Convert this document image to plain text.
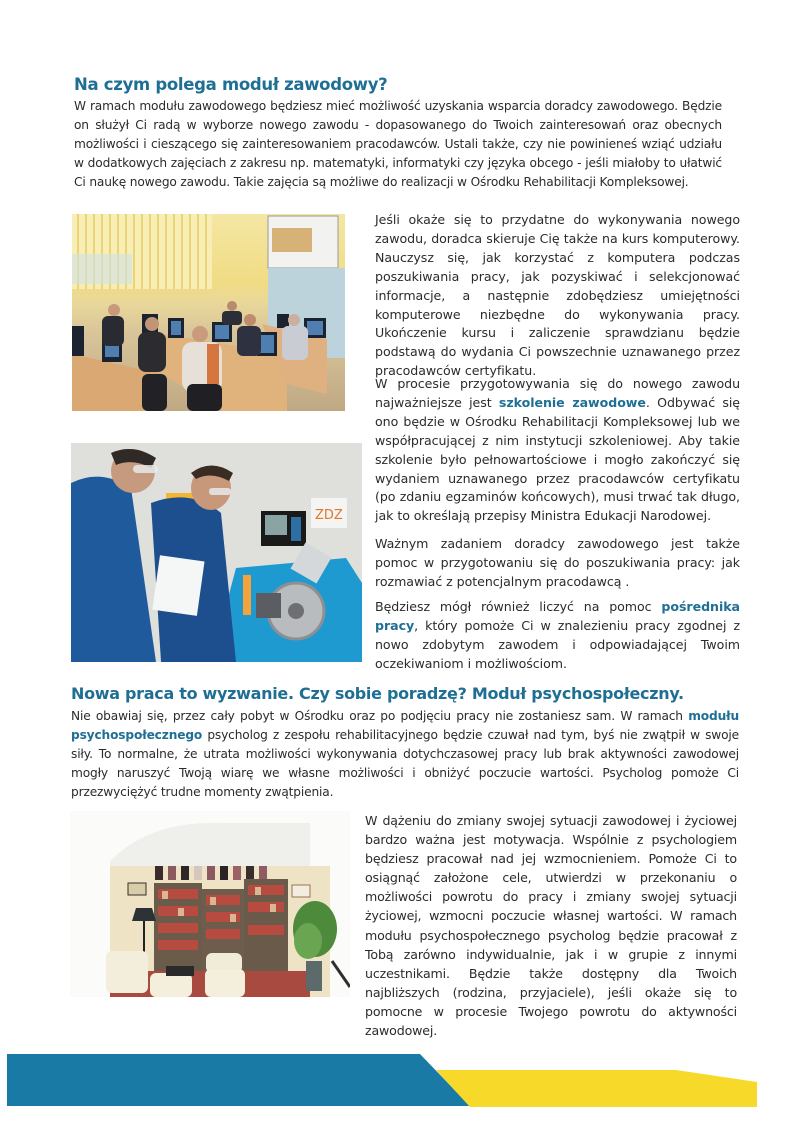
Na czym polega moduł zawodowy?

W ramach modułu zawodowego będziesz mieć możliwość uzyskania wsparcia doradcy zawodowego. Będzie on służył Ci radą w wyborze nowego zawodu - dopasowanego do Twoich zainteresowań oraz obecnych możliwości i cieszącego się zainteresowaniem pracodawców. Ustali także, czy nie powinieneś wziąć udziału w dodatkowych zajęciach z zakresu np. matematyki, informatyki czy języka obcego - jeśli miałoby to ułatwić Ci naukę nowego zawodu. Takie zajęcia są możliwe do realizacji w Ośrodku Rehabilitacji Kompleksowej.

Jeśli okaże się to przydatne do wykonywania nowego zawodu, doradca skieruje Cię także na kurs komputerowy. Nauczysz się, jak korzystać z komputera podczas poszukiwania pracy, jak pozyskiwać i selekcjonować informacje, a następnie zdobędziesz umiejętności komputerowe niezbędne do wykonywania pracy. Ukończenie kursu i zaliczenie sprawdzianu będzie podstawą do wydania Ci powszechnie uznawanego przez pracodawców certyfikatu.

ZDZ

W procesie przygotowywania się do nowego zawodu najważniejsze jest szkolenie zawodowe. Odbywać się ono będzie w Ośrodku Rehabilitacji Kompleksowej lub we współpracującej z nim instytucji szkoleniowej. Aby takie szkolenie było pełnowartościowe i mogło zakończyć się wydaniem uznawanego przez pracodawców certyfikatu (po zdaniu egzaminów końcowych), musi trwać tak długo, jak to określają przepisy Ministra Edukacji Narodowej.

Ważnym zadaniem doradcy zawodowego jest także pomoc w przygotowaniu się do poszukiwania pracy: jak rozmawiać z potencjalnym pracodawcą .

Będziesz mógł również liczyć na pomoc pośrednika pracy, który pomoże Ci w znalezieniu pracy zgodnej z nowo zdobytym zawodem i odpowiadającej Twoim oczekiwaniom i możliwościom.

Nowa praca to wyzwanie. Czy sobie poradzę? Moduł psychospołeczny.

Nie obawiaj się, przez cały pobyt w Ośrodku oraz po podjęciu pracy nie zostaniesz sam. W ramach modułu psychospołecznego psycholog z zespołu rehabilitacyjnego będzie czuwał nad tym, byś nie zwątpił w swoje siły. To normalne, że utrata możliwości wykonywania dotychczasowej pracy lub brak aktywności zawodowej mogły naruszyć Twoją wiarę we własne możliwości i obniżyć poczucie wartości. Psycholog pomoże Ci przezwyciężyć trudne momenty zwątpienia.

W dążeniu do zmiany swojej sytuacji zawodowej i życiowej bardzo ważna jest motywacja. Wspólnie z psychologiem będziesz pracował nad jej wzmocnieniem. Pomoże Ci to osiągnąć założone cele, utwierdzi w przekonaniu o możliwości powrotu do pracy i zmiany swojej sytuacji życiowej, wzmocni poczucie własnej wartości. W ramach modułu psychospołecznego psycholog będzie pracował z Tobą zarówno indywidualnie, jak i w grupie z innymi uczestnikami. Będzie także dostępny dla Twoich najbliższych (rodzina, przyjaciele), jeśli okaże się to pomocne w procesie Twojego powrotu do aktywności zawodowej.
